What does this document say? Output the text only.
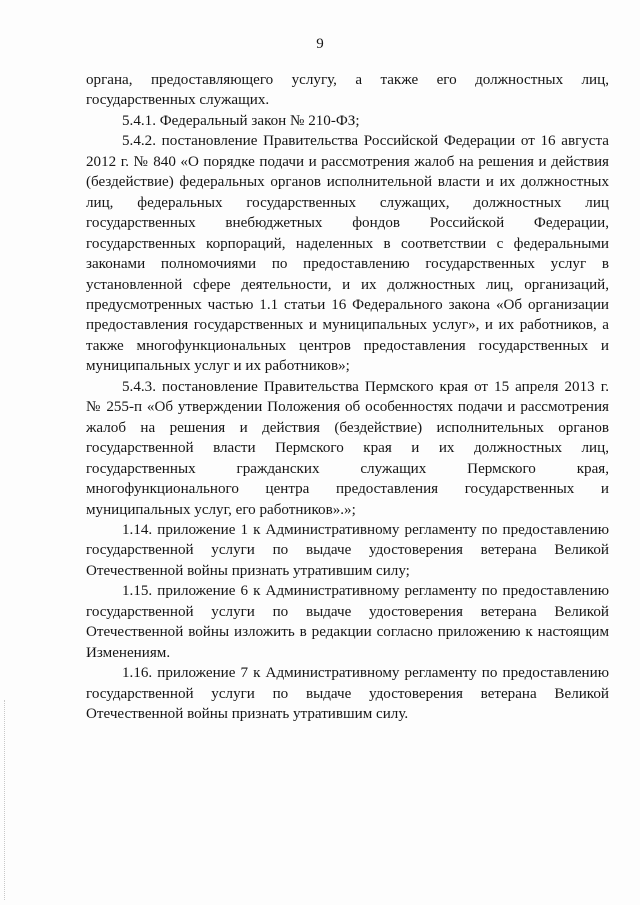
9

органа, предоставляющего услугу, а также его должностных лиц,
государственных служащих.

5.4.1. Федеральный закон № 210-ФЗ;

5.4.2. постановление Правительства Российской Федерации от 16 августа
2012 г. № 840 «О порядке подачи и рассмотрения жалоб на решения и действия
(бездействие) федеральных органов исполнительной власти и их должностных
лиц, федеральных государственных служащих, должностных лиц
государственных внебюджетных фондов Российской Федерации,
государственных корпораций, наделенных в соответствии с федеральными
законами полномочиями по предоставлению государственных услуг в
установленной сфере деятельности, и их должностных лиц, организаций,
предусмотренных частью 1.1 статьи 16 Федерального закона «Об организации
предоставления государственных и муниципальных услуг», и их работников, а
также многофункциональных центров предоставления государственных и
муниципальных услуг и их работников»;

5.4.3. постановление Правительства Пермского края от 15 апреля 2013 г.
№ 255-п «Об утверждении Положения об особенностях подачи и рассмотрения
жалоб на решения и действия (бездействие) исполнительных органов
государственной власти Пермского края и их должностных лиц,
государственных гражданских служащих Пермского края,
многофункционального центра предоставления государственных и
муниципальных услуг, его работников».»;

1.14. приложение 1 к Административному регламенту по предоставлению
государственной услуги по выдаче удостоверения ветерана Великой
Отечественной войны признать утратившим силу;

1.15. приложение 6 к Административному регламенту по предоставлению
государственной услуги по выдаче удостоверения ветерана Великой
Отечественной войны изложить в редакции согласно приложению к настоящим
Изменениям.

1.16. приложение 7 к Административному регламенту по предоставлению
государственной услуги по выдаче удостоверения ветерана Великой
Отечественной войны признать утратившим силу.
